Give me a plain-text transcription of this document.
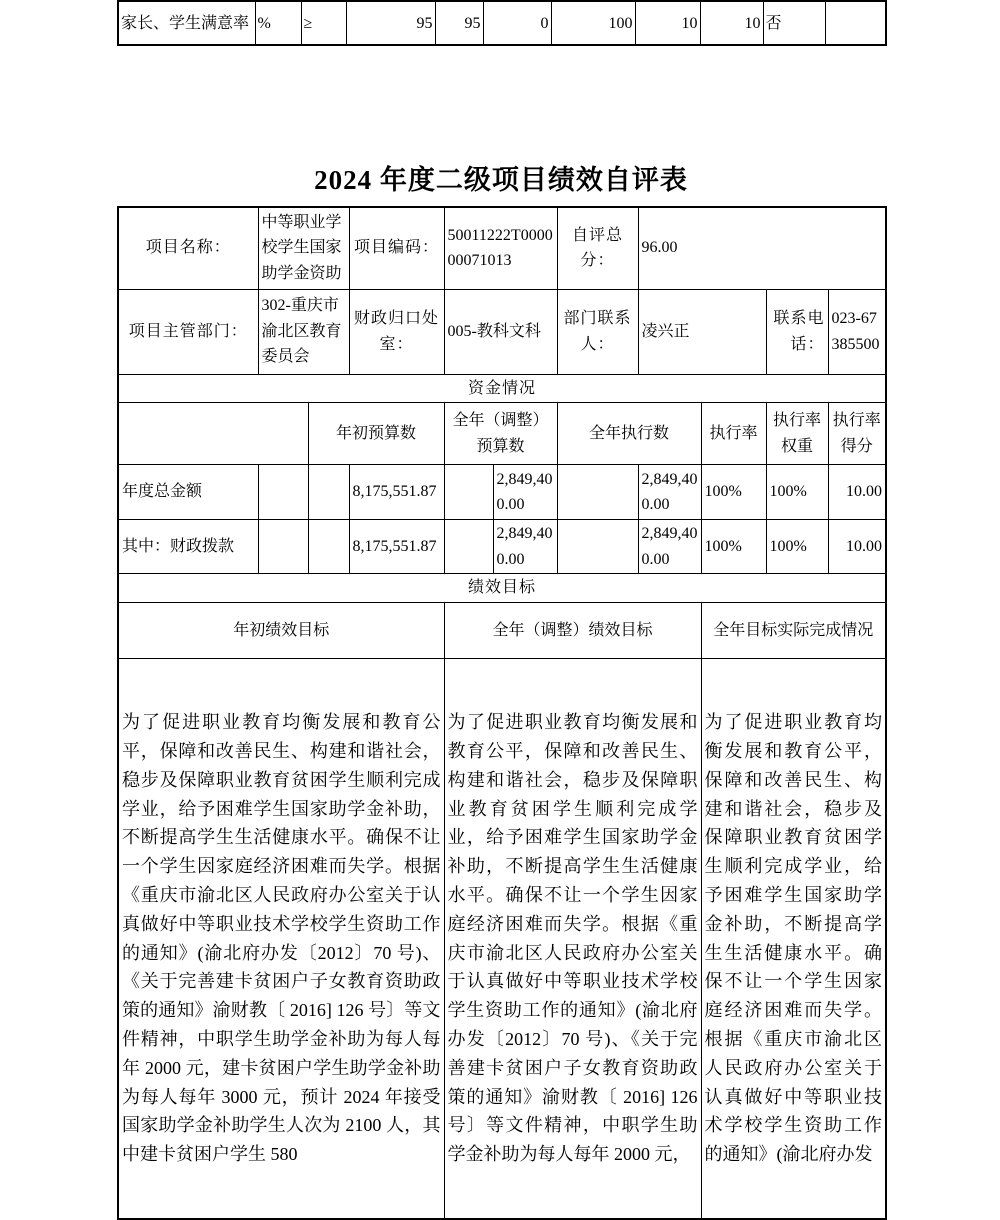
家长、学生满意率	%	≥	95	95	0	100	10	10	否	
2024 年度二级项目绩效自评表
项目名称：	中等职业学校学生国家助学金资助		项目编码：	50011222T000000071013		自评总分：	96.00			
项目主管部门：	302-重庆市渝北区教育委员会		财政归口处室：	005-教科文科		部门联系人：	凌兴正		联系电话：	023-67385500
资金情况										
		年初预算数		全年（调整）预算数		全年执行数		执行率	执行率权重	执行率得分
年度总金额			8,175,551.87		2,849,400.00		2,849,400.00	100%	100%	10.00
其中：财政拨款			8,175,551.87		2,849,400.00		2,849,400.00	100%	100%	10.00
绩效目标										
年初绩效目标				全年（调整）绩效目标				全年目标实际完成情况		
为了促进职业教育均衡发展和教育公平，保障和改善民生、构建和谐社会，稳步及保障职业教育贫困学生顺利完成学业，给予困难学生国家助学金补助，不断提高学生生活健康水平。确保不让一个学生因家庭经济困难而失学。根据《重庆市渝北区人民政府办公室关于认真做好中等职业技术学校学生资助工作的通知》(渝北府办发〔2012〕70 号)、《关于完善建卡贫困户子女教育资助政策的通知》渝财教〔 2016] 126 号〕等文件精神，中职学生助学金补助为每人每年 2000 元，建卡贫困户学生助学金补助为每人每年 3000 元，预计 2024 年接受国家助学金补助学生人次为 2100 人，其中建卡贫困户学生 580	为了促进职业教育均衡发展和教育公平，保障和改善民生、构建和谐社会，稳步及保障职业教育贫困学生顺利完成学业，给予困难学生国家助学金补助，不断提高学生生活健康水平。确保不让一个学生因家庭经济困难而失学。根据《重庆市渝北区人民政府办公室关于认真做好中等职业技术学校学生资助工作的通知》(渝北府办发〔2012〕70 号)、《关于完善建卡贫困户子女教育资助政策的通知》渝财教〔 2016] 126 号〕等文件精神，中职学生助学金补助为每人每年 2000 元，	为了促进职业教育均衡发展和教育公平，保障和改善民生、构建和谐社会，稳步及保障职业教育贫困学生顺利完成学业，给予困难学生国家助学金补助，不断提高学生生活健康水平。确保不让一个学生因家庭经济困难而失学。根据《重庆市渝北区人民政府办公室关于认真做好中等职业技术学校学生资助工作的通知》(渝北府办发
